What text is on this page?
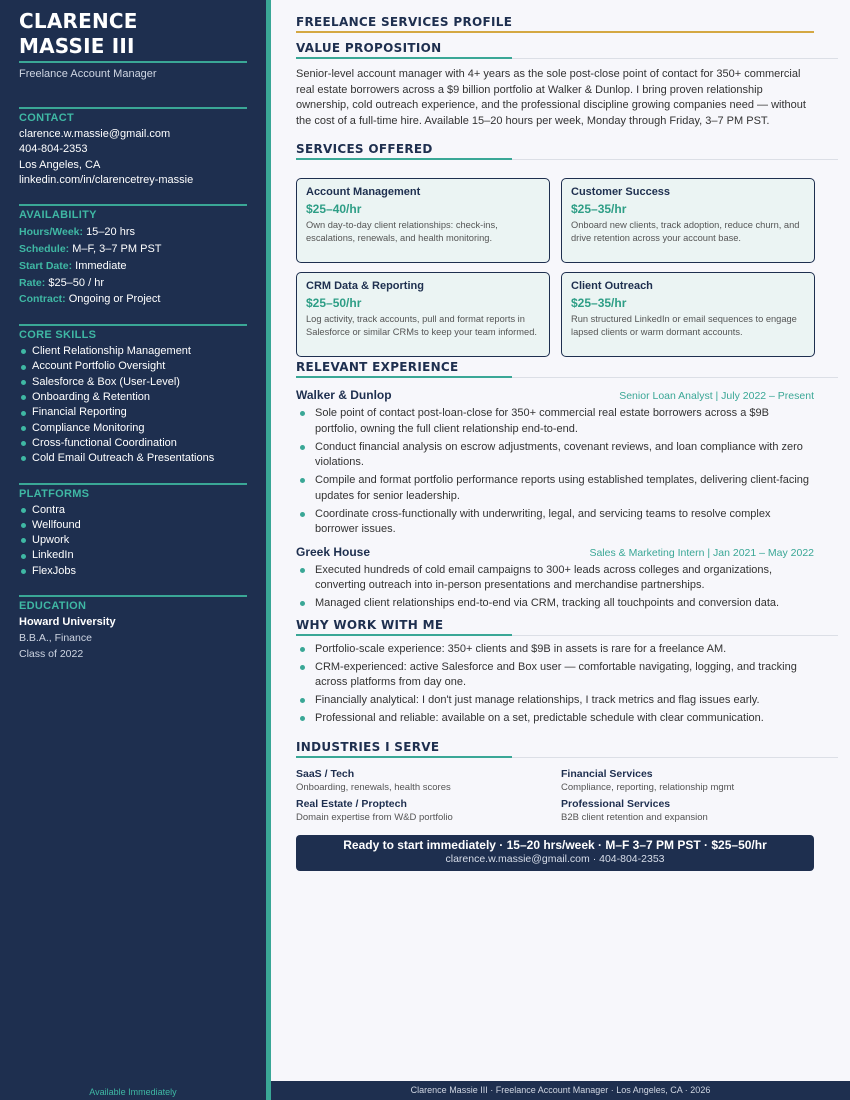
CLARENCE
MASSIE III
Freelance Account Manager
CONTACT
clarence.w.massie@gmail.com
404-804-2353
Los Angeles, CA
linkedin.com/in/clarencetrey-massie
AVAILABILITY
Hours/Week: 15–20 hrs
Schedule: M–F, 3–7 PM PST
Start Date: Immediate
Rate: $25–50 / hr
Contract: Ongoing or Project
CORE SKILLS
Client Relationship Management
Account Portfolio Oversight
Salesforce & Box (User-Level)
Onboarding & Retention
Financial Reporting
Compliance Monitoring
Cross-functional Coordination
Cold Email Outreach & Presentations
PLATFORMS
Contra
Wellfound
Upwork
LinkedIn
FlexJobs
EDUCATION
Howard University
B.B.A., Finance
Class of 2022
Available Immediately
FREELANCE SERVICES PROFILE
VALUE PROPOSITION
Senior-level account manager with 4+ years as the sole post-close point of contact for 350+ commercial real estate borrowers across a $9 billion portfolio at Walker & Dunlop. I bring proven relationship ownership, cold outreach experience, and the professional discipline growing companies need — without the cost of a full-time hire. Available 15–20 hours per week, Monday through Friday, 3–7 PM PST.
SERVICES OFFERED
Account Management
$25–40/hr
Own day-to-day client relationships: check-ins, escalations, renewals, and health monitoring.
Customer Success
$25–35/hr
Onboard new clients, track adoption, reduce churn, and drive retention across your account base.
CRM Data & Reporting
$25–50/hr
Log activity, track accounts, pull and format reports in Salesforce or similar CRMs to keep your team informed.
Client Outreach
$25–35/hr
Run structured LinkedIn or email sequences to engage lapsed clients or warm dormant accounts.
RELEVANT EXPERIENCE
Walker & Dunlop	Senior Loan Analyst | July 2022 – Present
Sole point of contact post-loan-close for 350+ commercial real estate borrowers across a $9B portfolio, owning the full client relationship end-to-end.
Conduct financial analysis on escrow adjustments, covenant reviews, and loan compliance with zero violations.
Compile and format portfolio performance reports using established templates, delivering client-facing updates for senior leadership.
Coordinate cross-functionally with underwriting, legal, and servicing teams to resolve complex borrower issues.
Greek House	Sales & Marketing Intern | Jan 2021 – May 2022
Executed hundreds of cold email campaigns to 300+ leads across colleges and organizations, converting outreach into in-person presentations and merchandise partnerships.
Managed client relationships end-to-end via CRM, tracking all touchpoints and conversion data.
WHY WORK WITH ME
Portfolio-scale experience: 350+ clients and $9B in assets is rare for a freelance AM.
CRM-experienced: active Salesforce and Box user — comfortable navigating, logging, and tracking across platforms from day one.
Financially analytical: I don't just manage relationships, I track metrics and flag issues early.
Professional and reliable: available on a set, predictable schedule with clear communication.
INDUSTRIES I SERVE
SaaS / Tech
Onboarding, renewals, health scores
Financial Services
Compliance, reporting, relationship mgmt
Real Estate / Proptech
Domain expertise from W&D portfolio
Professional Services
B2B client retention and expansion
Ready to start immediately · 15–20 hrs/week · M–F 3–7 PM PST · $25–50/hr
clarence.w.massie@gmail.com · 404-804-2353
Clarence Massie III · Freelance Account Manager · Los Angeles, CA · 2026
